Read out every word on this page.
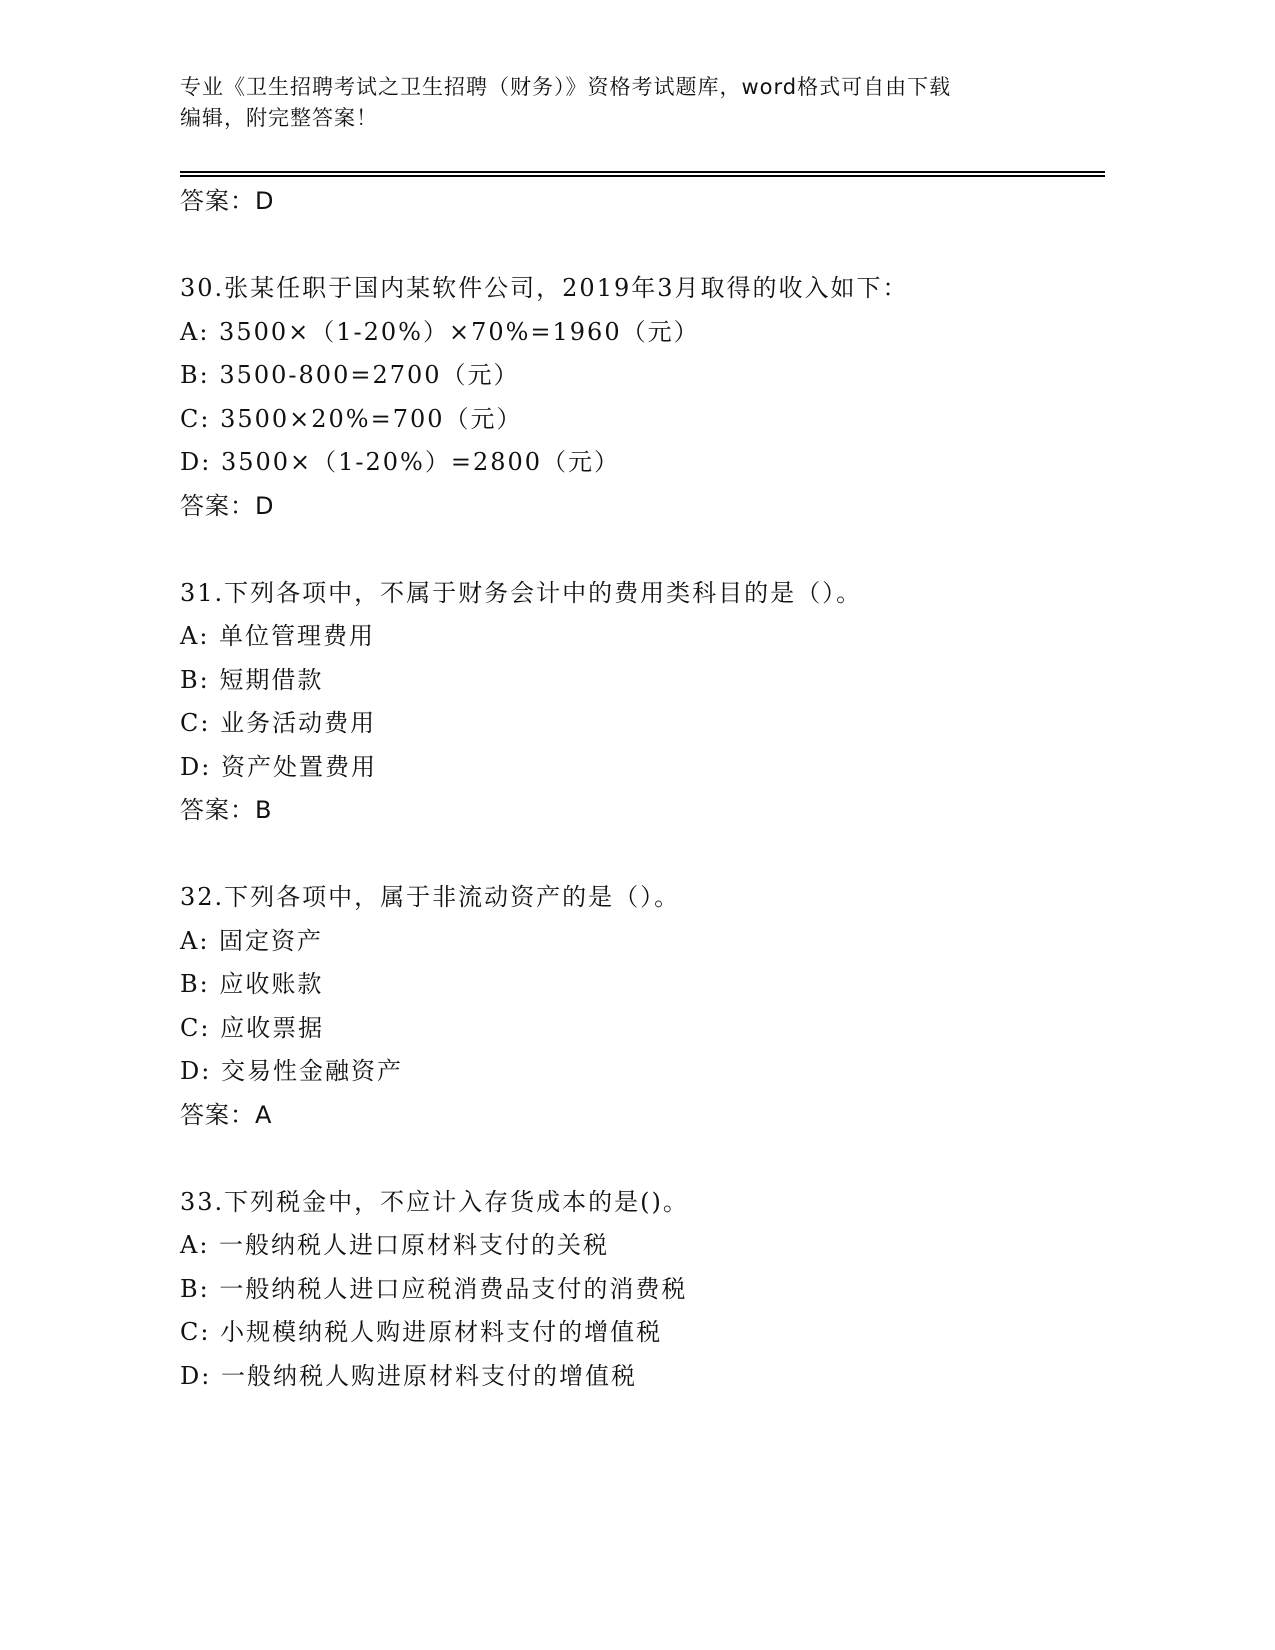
专业《卫生招聘考试之卫生招聘（财务）》资格考试题库，word格式可自由下载
编辑，附完整答案！
答案：D
30.张某任职于国内某软件公司，2019年3月取得的收入如下：
A: 3500×（1-20%）×70%=1960（元）
B: 3500-800=2700（元）
C: 3500×20%=700（元）
D: 3500×（1-20%）=2800（元）
答案：D
31.下列各项中，不属于财务会计中的费用类科目的是（）。
A: 单位管理费用
B: 短期借款
C: 业务活动费用
D: 资产处置费用
答案：B
32.下列各项中，属于非流动资产的是（）。
A: 固定资产
B: 应收账款
C: 应收票据
D: 交易性金融资产
答案：A
33.下列税金中，不应计入存货成本的是()。
A: 一般纳税人进口原材料支付的关税
B: 一般纳税人进口应税消费品支付的消费税
C: 小规模纳税人购进原材料支付的增值税
D: 一般纳税人购进原材料支付的增值税
